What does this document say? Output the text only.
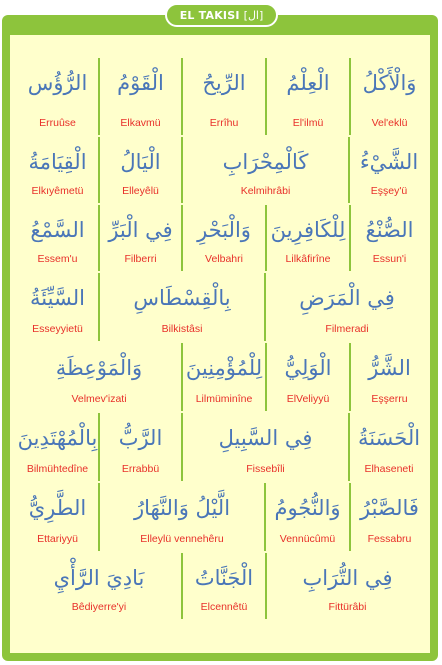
EL TAKISI [ال]
الرُّؤُس
Erruûse
الْقَوْمُ
Elkavmü
الرِّيحُ
Errîhu
الْعِلْمُ
El'ilmü
وَالْأَكْلُ
Vel'eklü
الْقِيَامَةُ
Elkıyêmetü
الْيَالُ
Elleyêlü
كَالْمِحْرَابِ
Kelmihrâbi
الشَّيْءُ
Eşşey'ü
السَّمْعُ
Essem'u
فِي الْبَرِّ
Filberri
وَالْبَحْرِ
Velbahri
لِلْكَافِرِينَ
Lilkâfirîne
الصُّنْعُ
Essun'i
السَّيِّئَةُ
Esseyyietü
بِالْقِسْطَاسِ
Bilkistâsi
فِي الْمَرَضِ
Filmeradi
وَالْمَوْعِظَةِ
Velmev'izati
لِلْمُؤْمِنِينَ
Lilmüminîne
الْوَلِيُّ
ElVeliyyü
الشَّرُّ
Eşşerru
بِالْمُهْتَدِينَ
Bilmühtedîne
الرَّبُّ
Errabbü
فِي السَّبِيلِ
Fissebîli
الْحَسَنَةُ
Elhaseneti
الطَّرِيُّ
Ettariyyü
الَّيْلُ وَالنَّهَارُ
Elleylü vennehêru
وَالنُّجُومُ
Vennücûmü
فَالصَّبْرُ
Fessabru
بَادِيَ الرَّأْيِ
Bêdiyerre'yi
الْجَنَّاتُ
Elcennêtü
فِي التُّرَابِ
Fittürâbi
